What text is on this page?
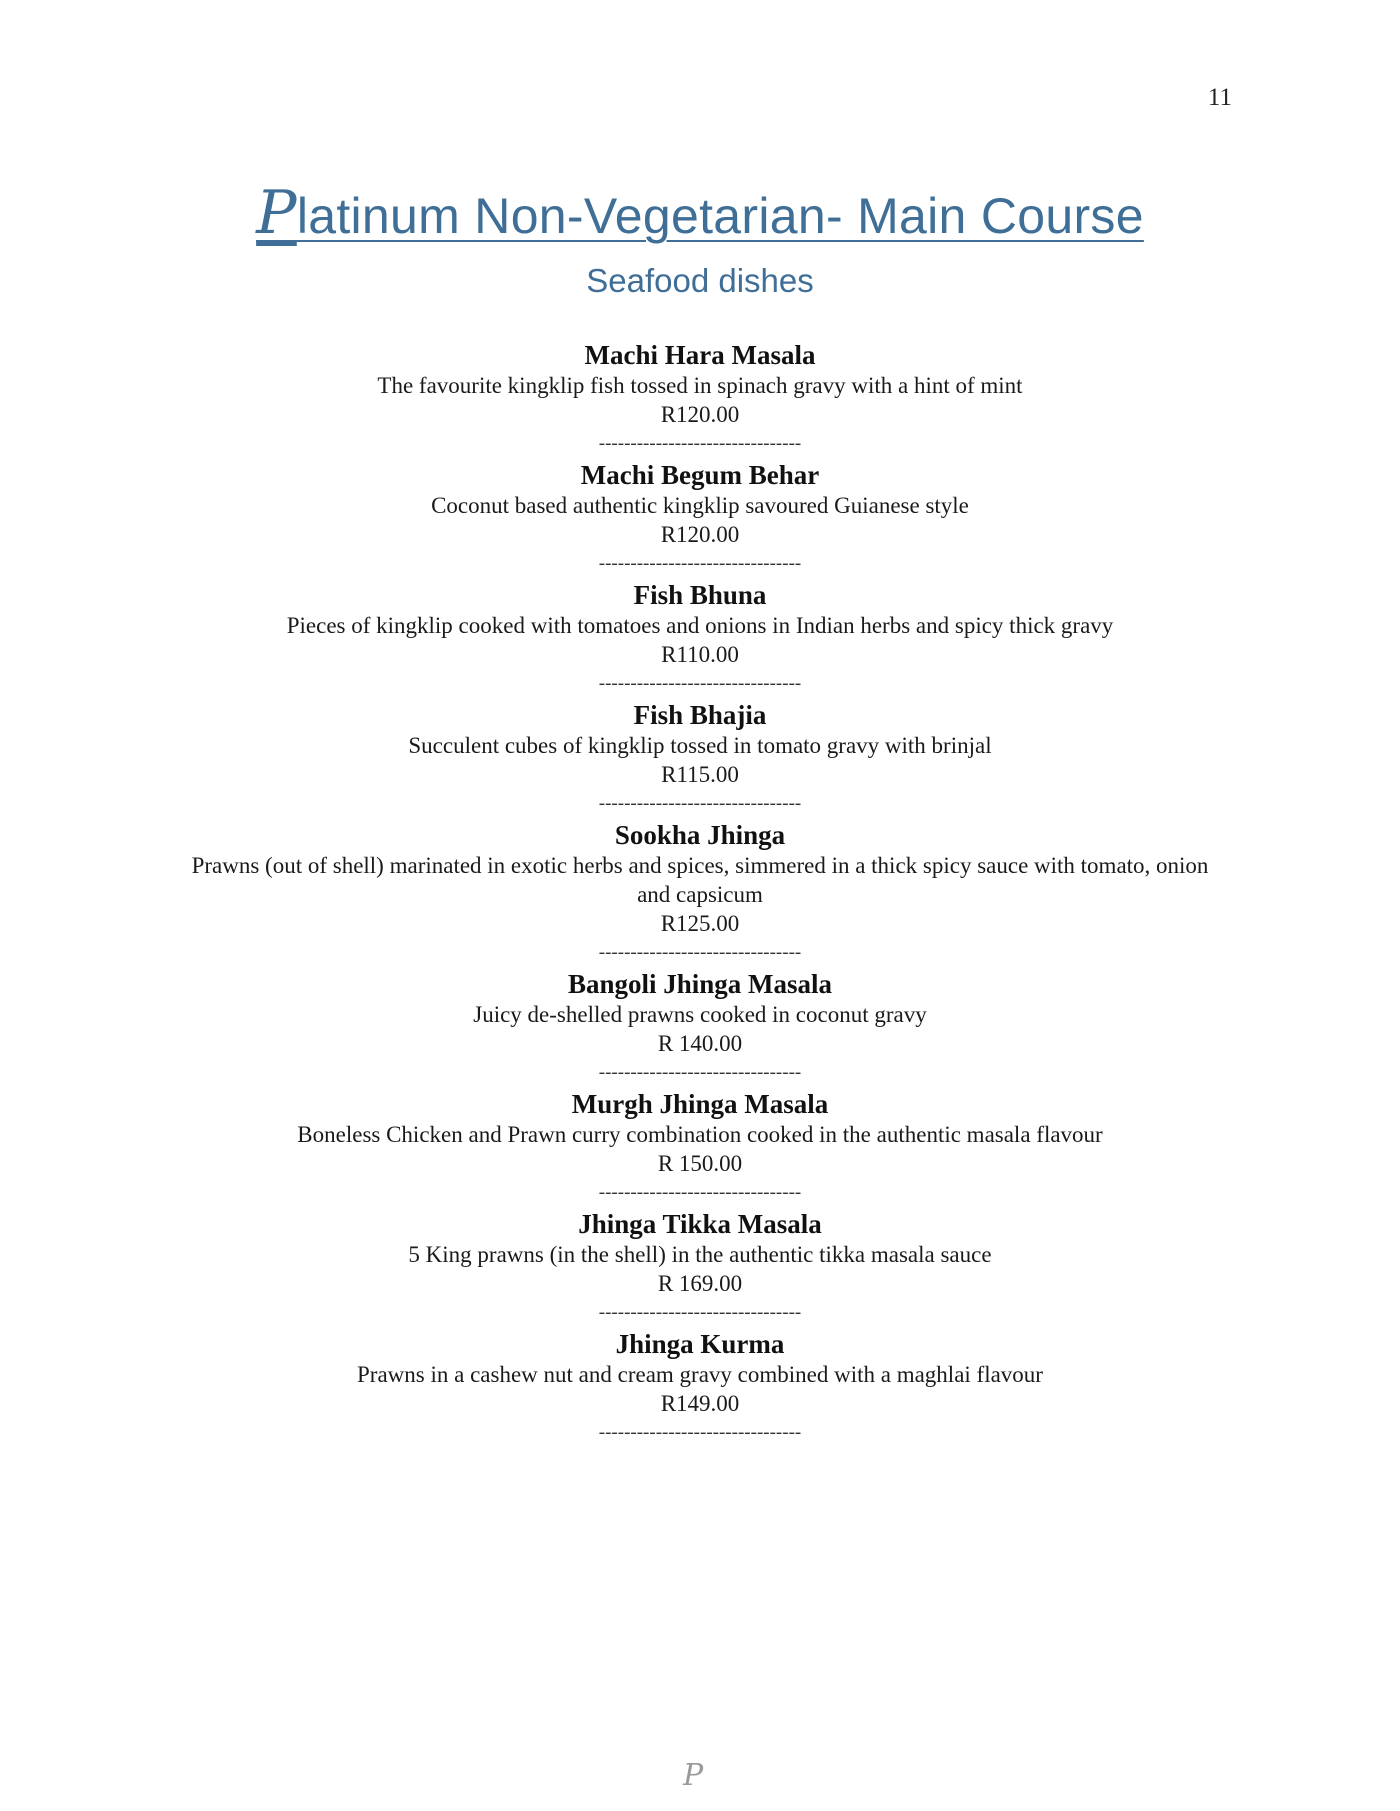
11
Platinum Non-Vegetarian- Main Course
Seafood dishes
Machi Hara Masala
The favourite kingklip fish tossed in spinach gravy with a hint of mint
R120.00
--------------------------------
Machi Begum Behar
Coconut based authentic kingklip savoured Guianese style
R120.00
--------------------------------
Fish Bhuna
Pieces of kingklip cooked with tomatoes and onions in Indian herbs and spicy thick gravy
R110.00
--------------------------------
Fish Bhajia
Succulent cubes of kingklip tossed in tomato gravy with brinjal
R115.00
--------------------------------
Sookha Jhinga
Prawns (out of shell) marinated in exotic herbs and spices, simmered in a thick spicy sauce with tomato, onion and capsicum
R125.00
--------------------------------
Bangoli Jhinga Masala
Juicy de-shelled prawns cooked in coconut gravy
R 140.00
--------------------------------
Murgh Jhinga Masala
Boneless Chicken and Prawn curry combination cooked in the authentic masala flavour
R 150.00
--------------------------------
Jhinga Tikka Masala
5 King prawns (in the shell) in the authentic tikka masala sauce
R 169.00
--------------------------------
Jhinga Kurma
Prawns in a cashew nut and cream gravy combined with a maghlai flavour
R149.00
--------------------------------
P
